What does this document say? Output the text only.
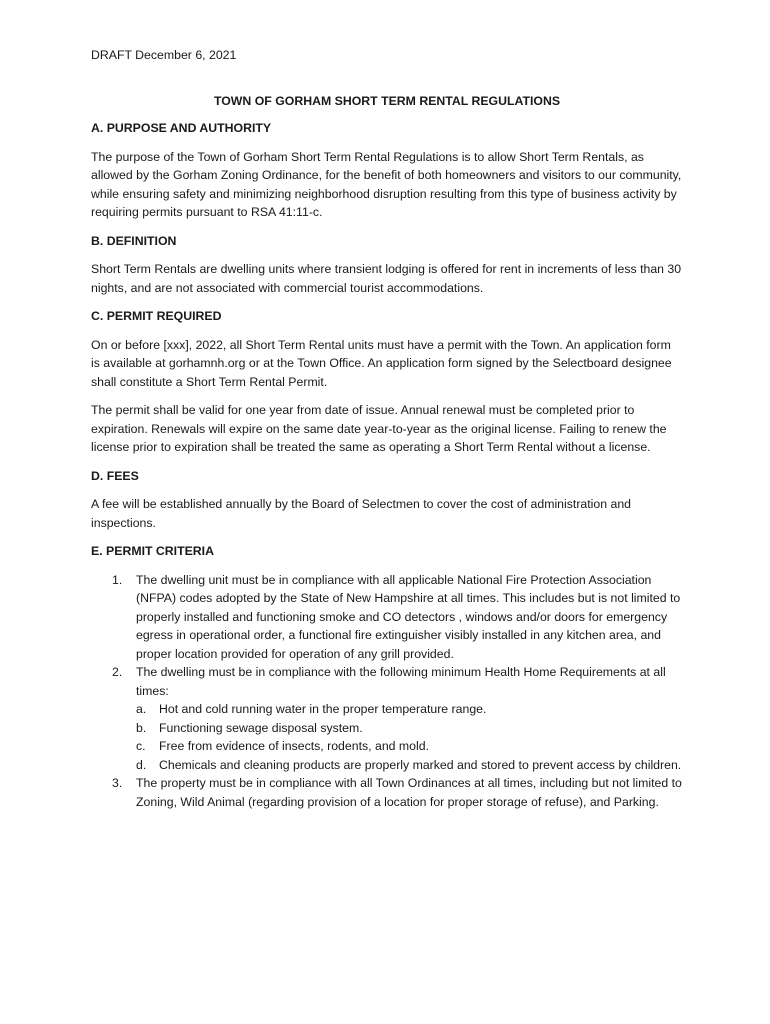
DRAFT December 6, 2021

TOWN OF GORHAM SHORT TERM RENTAL REGULATIONS

A. PURPOSE AND AUTHORITY

The purpose of the Town of Gorham Short Term Rental Regulations is to allow Short Term Rentals, as allowed by the Gorham Zoning Ordinance, for the benefit of both homeowners and visitors to our community, while ensuring safety and minimizing neighborhood disruption resulting from this type of business activity by requiring permits pursuant to RSA 41:11-c.

B. DEFINITION

Short Term Rentals are dwelling units where transient lodging is offered for rent in increments of less than 30 nights, and are not associated with commercial tourist accommodations.

C. PERMIT REQUIRED

On or before [xxx], 2022, all Short Term Rental units must have a permit with the Town. An application form is available at gorhamnh.org or at the Town Office. An application form signed by the Selectboard designee shall constitute a Short Term Rental Permit.

The permit shall be valid for one year from date of issue. Annual renewal must be completed prior to expiration. Renewals will expire on the same date year-to-year as the original license. Failing to renew the license prior to expiration shall be treated the same as operating a Short Term Rental without a license.

D. FEES

A fee will be established annually by the Board of Selectmen to cover the cost of administration and inspections.

E. PERMIT CRITERIA

1. The dwelling unit must be in compliance with all applicable National Fire Protection Association (NFPA) codes adopted by the State of New Hampshire at all times. This includes but is not limited to properly installed and functioning smoke and CO detectors , windows and/or doors for emergency egress in operational order, a functional fire extinguisher visibly installed in any kitchen area, and proper location provided for operation of any grill provided.
2. The dwelling must be in compliance with the following minimum Health Home Requirements at all times:
a. Hot and cold running water in the proper temperature range.
b. Functioning sewage disposal system.
c. Free from evidence of insects, rodents, and mold.
d. Chemicals and cleaning products are properly marked and stored to prevent access by children.
3. The property must be in compliance with all Town Ordinances at all times, including but not limited to Zoning, Wild Animal (regarding provision of a location for proper storage of refuse), and Parking.
